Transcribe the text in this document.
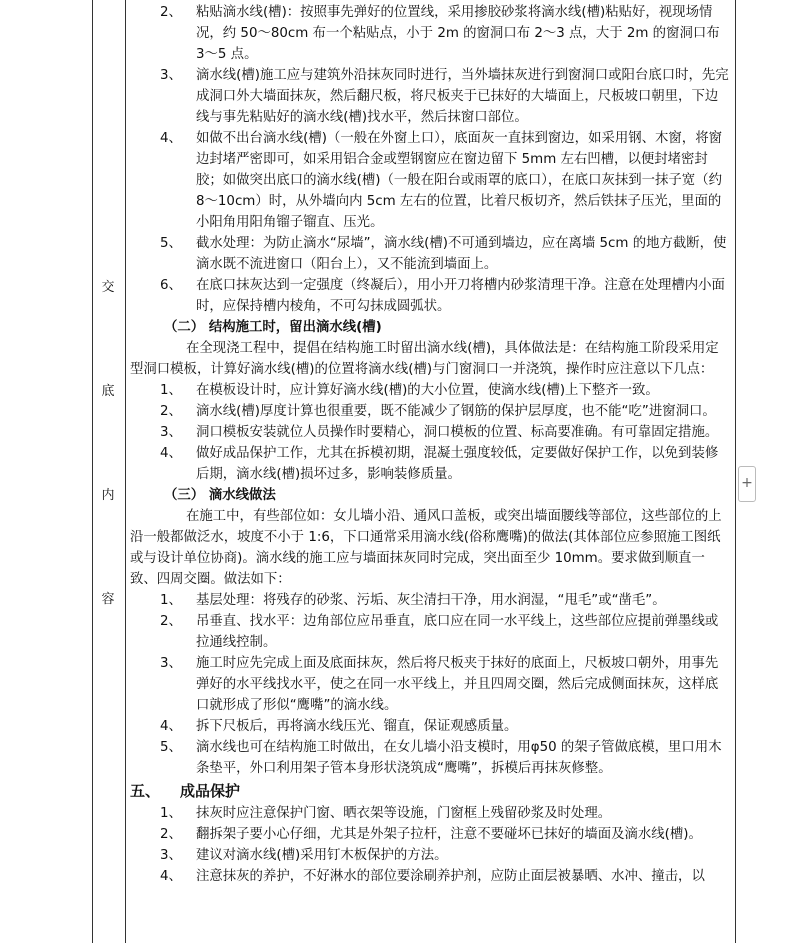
交
底
内
容
+
2、	粘贴滴水线(槽)：按照事先弹好的位置线，采用掺胶砂浆将滴水线(槽)粘贴好，视现场情况，约 50～80cm 布一个粘贴点，小于 2m 的窗洞口布 2～3 点，大于 2m 的窗洞口布 3～5 点。
3、	滴水线(槽)施工应与建筑外沿抹灰同时进行，当外墙抹灰进行到窗洞口或阳台底口时，先完成洞口外大墙面抹灰，然后翻尺板，将尺板夹于已抹好的大墙面上，尺板坡口朝里，下边线与事先粘贴好的滴水线(槽)找水平，然后抹窗口部位。
4、	如做不出台滴水线(槽)（一般在外窗上口），底面灰一直抹到窗边，如采用钢、木窗，将窗边封堵严密即可，如采用铝合金或塑钢窗应在窗边留下 5mm 左右凹槽，以便封堵密封胶；如做突出底口的滴水线(槽)（一般在阳台或雨罩的底口），在底口灰抹到一抹子宽（约 8～10cm）时，从外墙向内 5cm 左右的位置，比着尺板切齐，然后铁抹子压光，里面的小阳角用阳角镏子镏直、压光。
5、	截水处理：为防止滴水“尿墙”，滴水线(槽)不可通到墙边，应在离墙 5cm 的地方截断，使滴水既不流进窗口（阳台上），又不能流到墙面上。
6、	在底口抹灰达到一定强度（终凝后），用小开刀将槽内砂浆清理干净。注意在处理槽内小面时，应保持槽内棱角，不可勾抹成圆弧状。
（二） 结构施工时，留出滴水线(槽)
在全现浇工程中，提倡在结构施工时留出滴水线(槽)，具体做法是：在结构施工阶段采用定型洞口模板，计算好滴水线(槽)的位置将滴水线(槽)与门窗洞口一并浇筑，操作时应注意以下几点：
1、	在模板设计时，应计算好滴水线(槽)的大小位置，使滴水线(槽)上下整齐一致。
2、	滴水线(槽)厚度计算也很重要，既不能减少了钢筋的保护层厚度，也不能“吃”进窗洞口。
3、	洞口模板安装就位人员操作时要精心，洞口模板的位置、标高要准确。有可靠固定措施。
4、	做好成品保护工作，尤其在拆模初期，混凝土强度较低，定要做好保护工作，以免到装修后期，滴水线(槽)损坏过多，影响装修质量。
（三） 滴水线做法
在施工中，有些部位如：女儿墙小沿、通风口盖板，或突出墙面腰线等部位，这些部位的上沿一般都做泛水，坡度不小于 1:6，下口通常采用滴水线(俗称鹰嘴)的做法(其体部位应参照施工图纸或与设计单位协商)。滴水线的施工应与墙面抹灰同时完成，突出面至少 10mm。要求做到顺直一致、四周交圈。做法如下：
1、	基层处理：将残存的砂浆、污垢、灰尘清扫干净，用水润湿，“甩毛”或“凿毛”。
2、	吊垂直、找水平：边角部位应吊垂直，底口应在同一水平线上，这些部位应提前弹墨线或拉通线控制。
3、	施工时应先完成上面及底面抹灰，然后将尺板夹于抹好的底面上，尺板坡口朝外，用事先弹好的水平线找水平，使之在同一水平线上，并且四周交圈，然后完成侧面抹灰，这样底口就形成了形似“鹰嘴”的滴水线。
4、	拆下尺板后，再将滴水线压光、镏直，保证观感质量。
5、	滴水线也可在结构施工时做出，在女儿墙小沿支模时，用φ50 的架子管做底模，里口用木条垫平，外口利用架子管本身形状浇筑成“鹰嘴”，拆模后再抹灰修整。
五、	成品保护
1、	抹灰时应注意保护门窗、晒衣架等设施，门窗框上残留砂浆及时处理。
2、	翻拆架子要小心仔细，尤其是外架子拉杆，注意不要碰坏已抹好的墙面及滴水线(槽)。
3、	建议对滴水线(槽)采用钉木板保护的方法。
4、	注意抹灰的养护，不好淋水的部位要涂刷养护剂，应防止面层被暴晒、水冲、撞击，以
